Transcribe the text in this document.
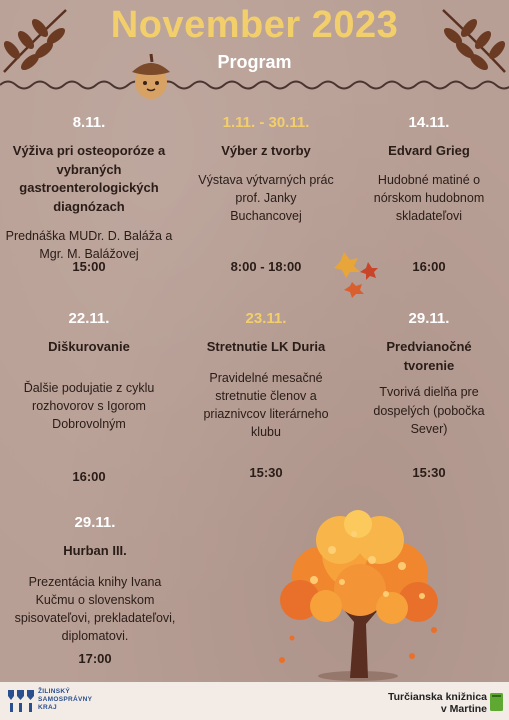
November 2023
Program
8.11.
Výživa pri osteoporóze a vybraných gastroenterologických diagnózach
Prednáška MUDr. D. Baláža a Mgr. M. Balážovej
15:00
1.11. - 30.11.
Výber z tvorby
Výstava výtvarných prác prof. Janky Buchancovej
8:00 - 18:00
14.11.
Edvard Grieg
Hudobné matiné o nórskom hudobnom skladateľovi
16:00
22.11.
Diškurovanie
Ďalšie podujatie z cyklu rozhovorov s Igorom Dobrovolným
16:00
23.11.
Stretnutie LK Duria
Pravidelné mesačné stretnutie členov a priaznivcov literárneho klubu
15:30
29.11.
Predvianočné tvorenie
Tvorivá dielňa pre dospelých (pobočka Sever)
15:30
29.11.
Hurban III.
Prezentácia knihy Ivana Kučmu o slovenskom spisovateľovi, prekladateľovi, diplomatovi.
17:00
ŽILINSKÝ
SAMOSPRÁVNY
KRAJ
Turčianska knižnica
v Martine
